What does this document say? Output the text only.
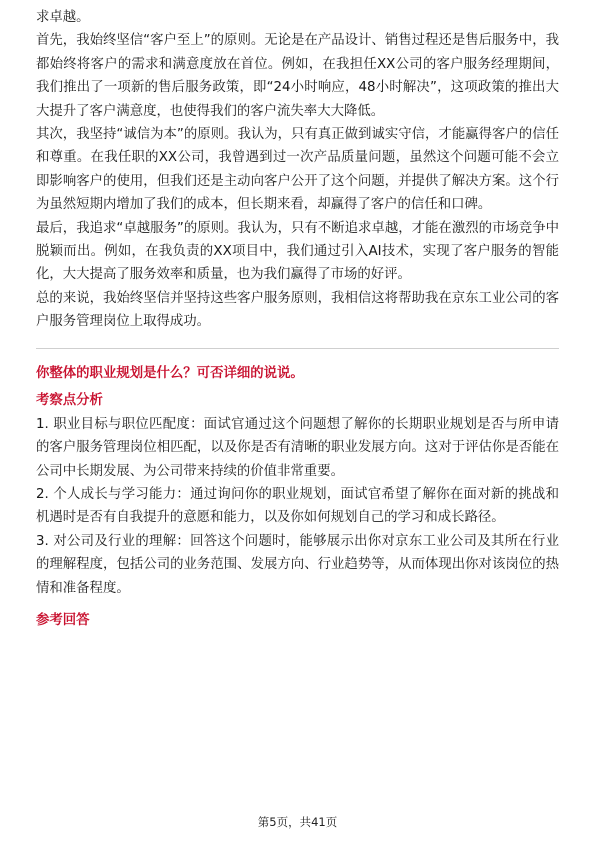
求卓越。

首先，我始终坚信“客户至上”的原则。无论是在产品设计、销售过程还是售后服务中，我都始终将客户的需求和满意度放在首位。例如，在我担任XX公司的客户服务经理期间，我们推出了一项新的售后服务政策，即“24小时响应，48小时解决”，这项政策的推出大大提升了客户满意度，也使得我们的客户流失率大大降低。

其次，我坚持“诚信为本”的原则。我认为，只有真正做到诚实守信，才能赢得客户的信任和尊重。在我任职的XX公司，我曾遇到过一次产品质量问题，虽然这个问题可能不会立即影响客户的使用，但我们还是主动向客户公开了这个问题，并提供了解决方案。这个行为虽然短期内增加了我们的成本，但长期来看，却赢得了客户的信任和口碑。

最后，我追求“卓越服务”的原则。我认为，只有不断追求卓越，才能在激烈的市场竞争中脱颖而出。例如，在我负责的XX项目中，我们通过引入AI技术，实现了客户服务的智能化，大大提高了服务效率和质量，也为我们赢得了市场的好评。

总的来说，我始终坚信并坚持这些客户服务原则，我相信这将帮助我在京东工业公司的客户服务管理岗位上取得成功。

你整体的职业规划是什么？可否详细的说说。

考察点分析

1. 职业目标与职位匹配度：面试官通过这个问题想了解你的长期职业规划是否与所申请的客户服务管理岗位相匹配，以及你是否有清晰的职业发展方向。这对于评估你是否能在公司中长期发展、为公司带来持续的价值非常重要。

2. 个人成长与学习能力：通过询问你的职业规划，面试官希望了解你在面对新的挑战和机遇时是否有自我提升的意愿和能力，以及你如何规划自己的学习和成长路径。

3. 对公司及行业的理解：回答这个问题时，能够展示出你对京东工业公司及其所在行业的理解程度，包括公司的业务范围、发展方向、行业趋势等，从而体现出你对该岗位的热情和准备程度。

参考回答

第5页，共41页
